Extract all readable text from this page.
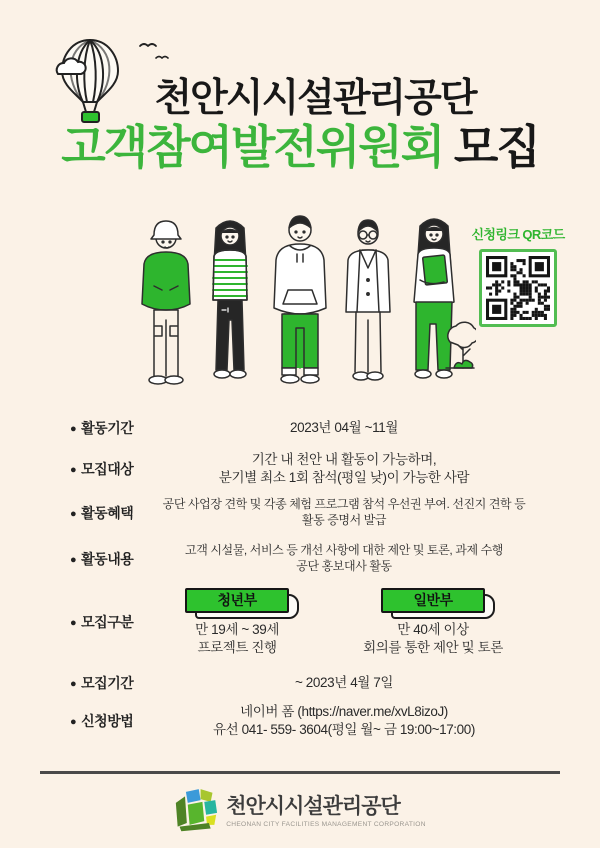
천안시시설관리공단
고객참여발전위원회 모집
● 활동기간	2023년 04월 ~11월
● 모집대상
기간 내 천안 내 활동이 가능하며,
분기별 최소 1회 참석(평일 낮)이 가능한 사람
● 활동혜택
공단 사업장 견학 및 각종 체험 프로그램 참석 우선권 부여. 선진지 견학 등
활동 증명서 발급
● 활동내용
고객 시설물, 서비스 등 개선 사항에 대한 제안 및 토론, 과제 수행
공단 홍보대사 활동
● 모집구분
청년부
만 19세 ~ 39세
프로젝트 진행
일반부
만 40세 이상
회의를 통한 제안 및 토론
● 모집기간	~ 2023년 4월 7일
● 신청방법
네이버 폼 (https://naver.me/xvL8izoJ)
유선 041- 559- 3604(평일 월~ 금 19:00~17:00)
신청링크 QR코드
천안시시설관리공단
CHEONAN CITY FACILITIES MANAGEMENT CORPORATION
